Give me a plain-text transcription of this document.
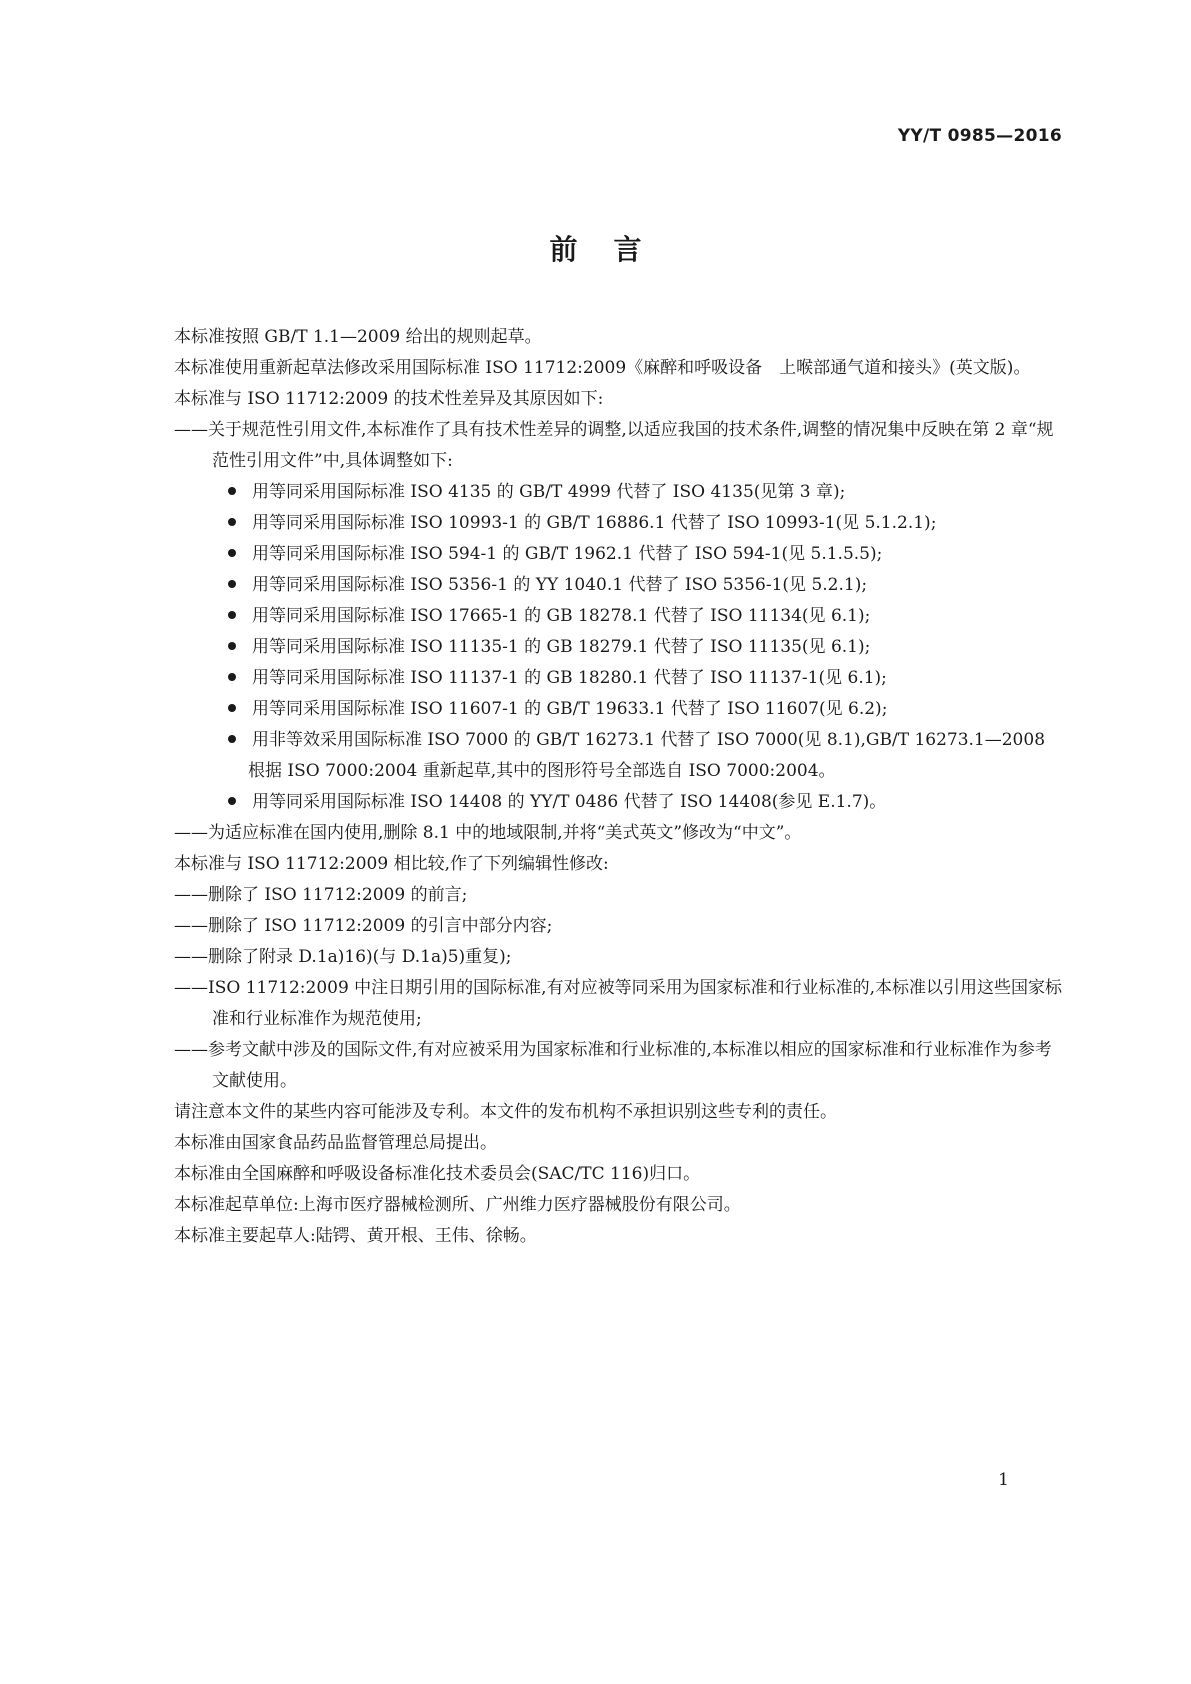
YY/T 0985—2016
前言

本标准按照 GB/T 1.1—2009 给出的规则起草。

本标准使用重新起草法修改采用国际标准 ISO 11712:2009《麻醉和呼吸设备　上喉部通气道和接头》(英文版)。

本标准与 ISO 11712:2009 的技术性差异及其原因如下:

——关于规范性引用文件,本标准作了具有技术性差异的调整,以适应我国的技术条件,调整的情况集中反映在第 2 章“规范性引用文件”中,具体调整如下:

用等同采用国际标准 ISO 4135 的 GB/T 4999 代替了 ISO 4135(见第 3 章);

用等同采用国际标准 ISO 10993-1 的 GB/T 16886.1 代替了 ISO 10993-1(见 5.1.2.1);

用等同采用国际标准 ISO 594-1 的 GB/T 1962.1 代替了 ISO 594-1(见 5.1.5.5);

用等同采用国际标准 ISO 5356-1 的 YY 1040.1 代替了 ISO 5356-1(见 5.2.1);

用等同采用国际标准 ISO 17665-1 的 GB 18278.1 代替了 ISO 11134(见 6.1);

用等同采用国际标准 ISO 11135-1 的 GB 18279.1 代替了 ISO 11135(见 6.1);

用等同采用国际标准 ISO 11137-1 的 GB 18280.1 代替了 ISO 11137-1(见 6.1);

用等同采用国际标准 ISO 11607-1 的 GB/T 19633.1 代替了 ISO 11607(见 6.2);

用非等效采用国际标准 ISO 7000 的 GB/T 16273.1 代替了 ISO 7000(见 8.1),GB/T 16273.1—2008 根据 ISO 7000:2004 重新起草,其中的图形符号全部选自 ISO 7000:2004。

用等同采用国际标准 ISO 14408 的 YY/T 0486 代替了 ISO 14408(参见 E.1.7)。

——为适应标准在国内使用,删除 8.1 中的地域限制,并将“美式英文”修改为“中文”。

本标准与 ISO 11712:2009 相比较,作了下列编辑性修改:

——删除了 ISO 11712:2009 的前言;

——删除了 ISO 11712:2009 的引言中部分内容;

——删除了附录 D.1a)16)(与 D.1a)5)重复);

——ISO 11712:2009 中注日期引用的国际标准,有对应被等同采用为国家标准和行业标准的,本标准以引用这些国家标准和行业标准作为规范使用;

——参考文献中涉及的国际文件,有对应被采用为国家标准和行业标准的,本标准以相应的国家标准和行业标准作为参考文献使用。

请注意本文件的某些内容可能涉及专利。本文件的发布机构不承担识别这些专利的责任。

本标准由国家食品药品监督管理总局提出。

本标准由全国麻醉和呼吸设备标准化技术委员会(SAC/TC 116)归口。

本标准起草单位:上海市医疗器械检测所、广州维力医疗器械股份有限公司。

本标准主要起草人:陆锷、黄开根、王伟、徐畅。

1
